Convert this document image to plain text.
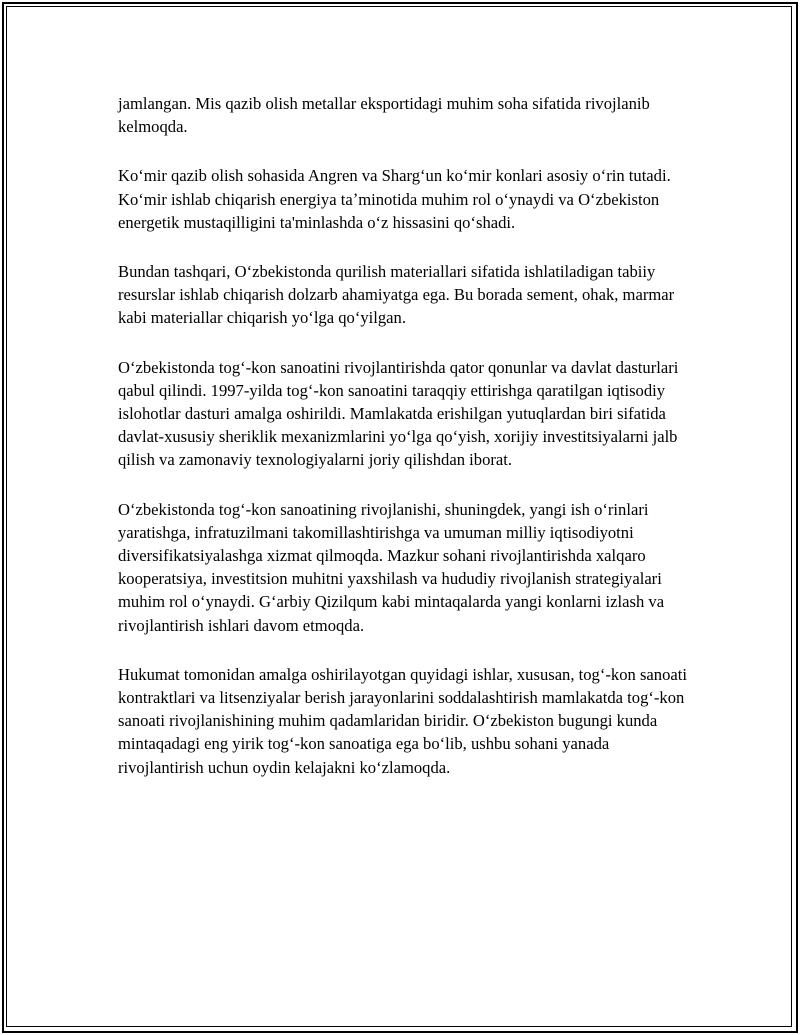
jamlangan. Mis qazib olish metallar eksportidagi muhim soha sifatida rivojlanib kelmoqda.

Koʻmir qazib olish sohasida Angren va Shargʻun koʻmir konlari asosiy oʻrin tutadi. Koʻmir ishlab chiqarish energiya taʼminotida muhim rol oʻynaydi va Oʻzbekiston energetik mustaqilligini ta'minlashda oʻz hissasini qoʻshadi.

Bundan tashqari, Oʻzbekistonda qurilish materiallari sifatida ishlatiladigan tabiiy resurslar ishlab chiqarish dolzarb ahamiyatga ega. Bu borada sement, ohak, marmar kabi materiallar chiqarish yoʻlga qoʻyilgan.

Oʻzbekistonda togʻ-kon sanoatini rivojlantirishda qator qonunlar va davlat dasturlari qabul qilindi. 1997-yilda togʻ-kon sanoatini taraqqiy ettirishga qaratilgan iqtisodiy islohotlar dasturi amalga oshirildi. Mamlakatda erishilgan yutuqlardan biri sifatida davlat-xususiy sheriklik mexanizmlarini yoʻlga qoʻyish, xorijiy investitsiyalarni jalb qilish va zamonaviy texnologiyalarni joriy qilishdan iborat.

Oʻzbekistonda togʻ-kon sanoatining rivojlanishi, shuningdek, yangi ish oʻrinlari yaratishga, infratuzilmani takomillashtirishga va umuman milliy iqtisodiyotni diversifikatsiyalashga xizmat qilmoqda. Mazkur sohani rivojlantirishda xalqaro kooperatsiya, investitsion muhitni yaxshilash va hududiy rivojlanish strategiyalari muhim rol oʻynaydi. Gʻarbiy Qizilqum kabi mintaqalarda yangi konlarni izlash va rivojlantirish ishlari davom etmoqda.

Hukumat tomonidan amalga oshirilayotgan quyidagi ishlar, xususan, togʻ-kon sanoati kontraktlari va litsenziyalar berish jarayonlarini soddalashtirish mamlakatda togʻ-kon sanoati rivojlanishining muhim qadamlaridan biridir. Oʻzbekiston bugungi kunda mintaqadagi eng yirik togʻ-kon sanoatiga ega boʻlib, ushbu sohani yanada rivojlantirish uchun oydin kelajakni koʻzlamoqda.
